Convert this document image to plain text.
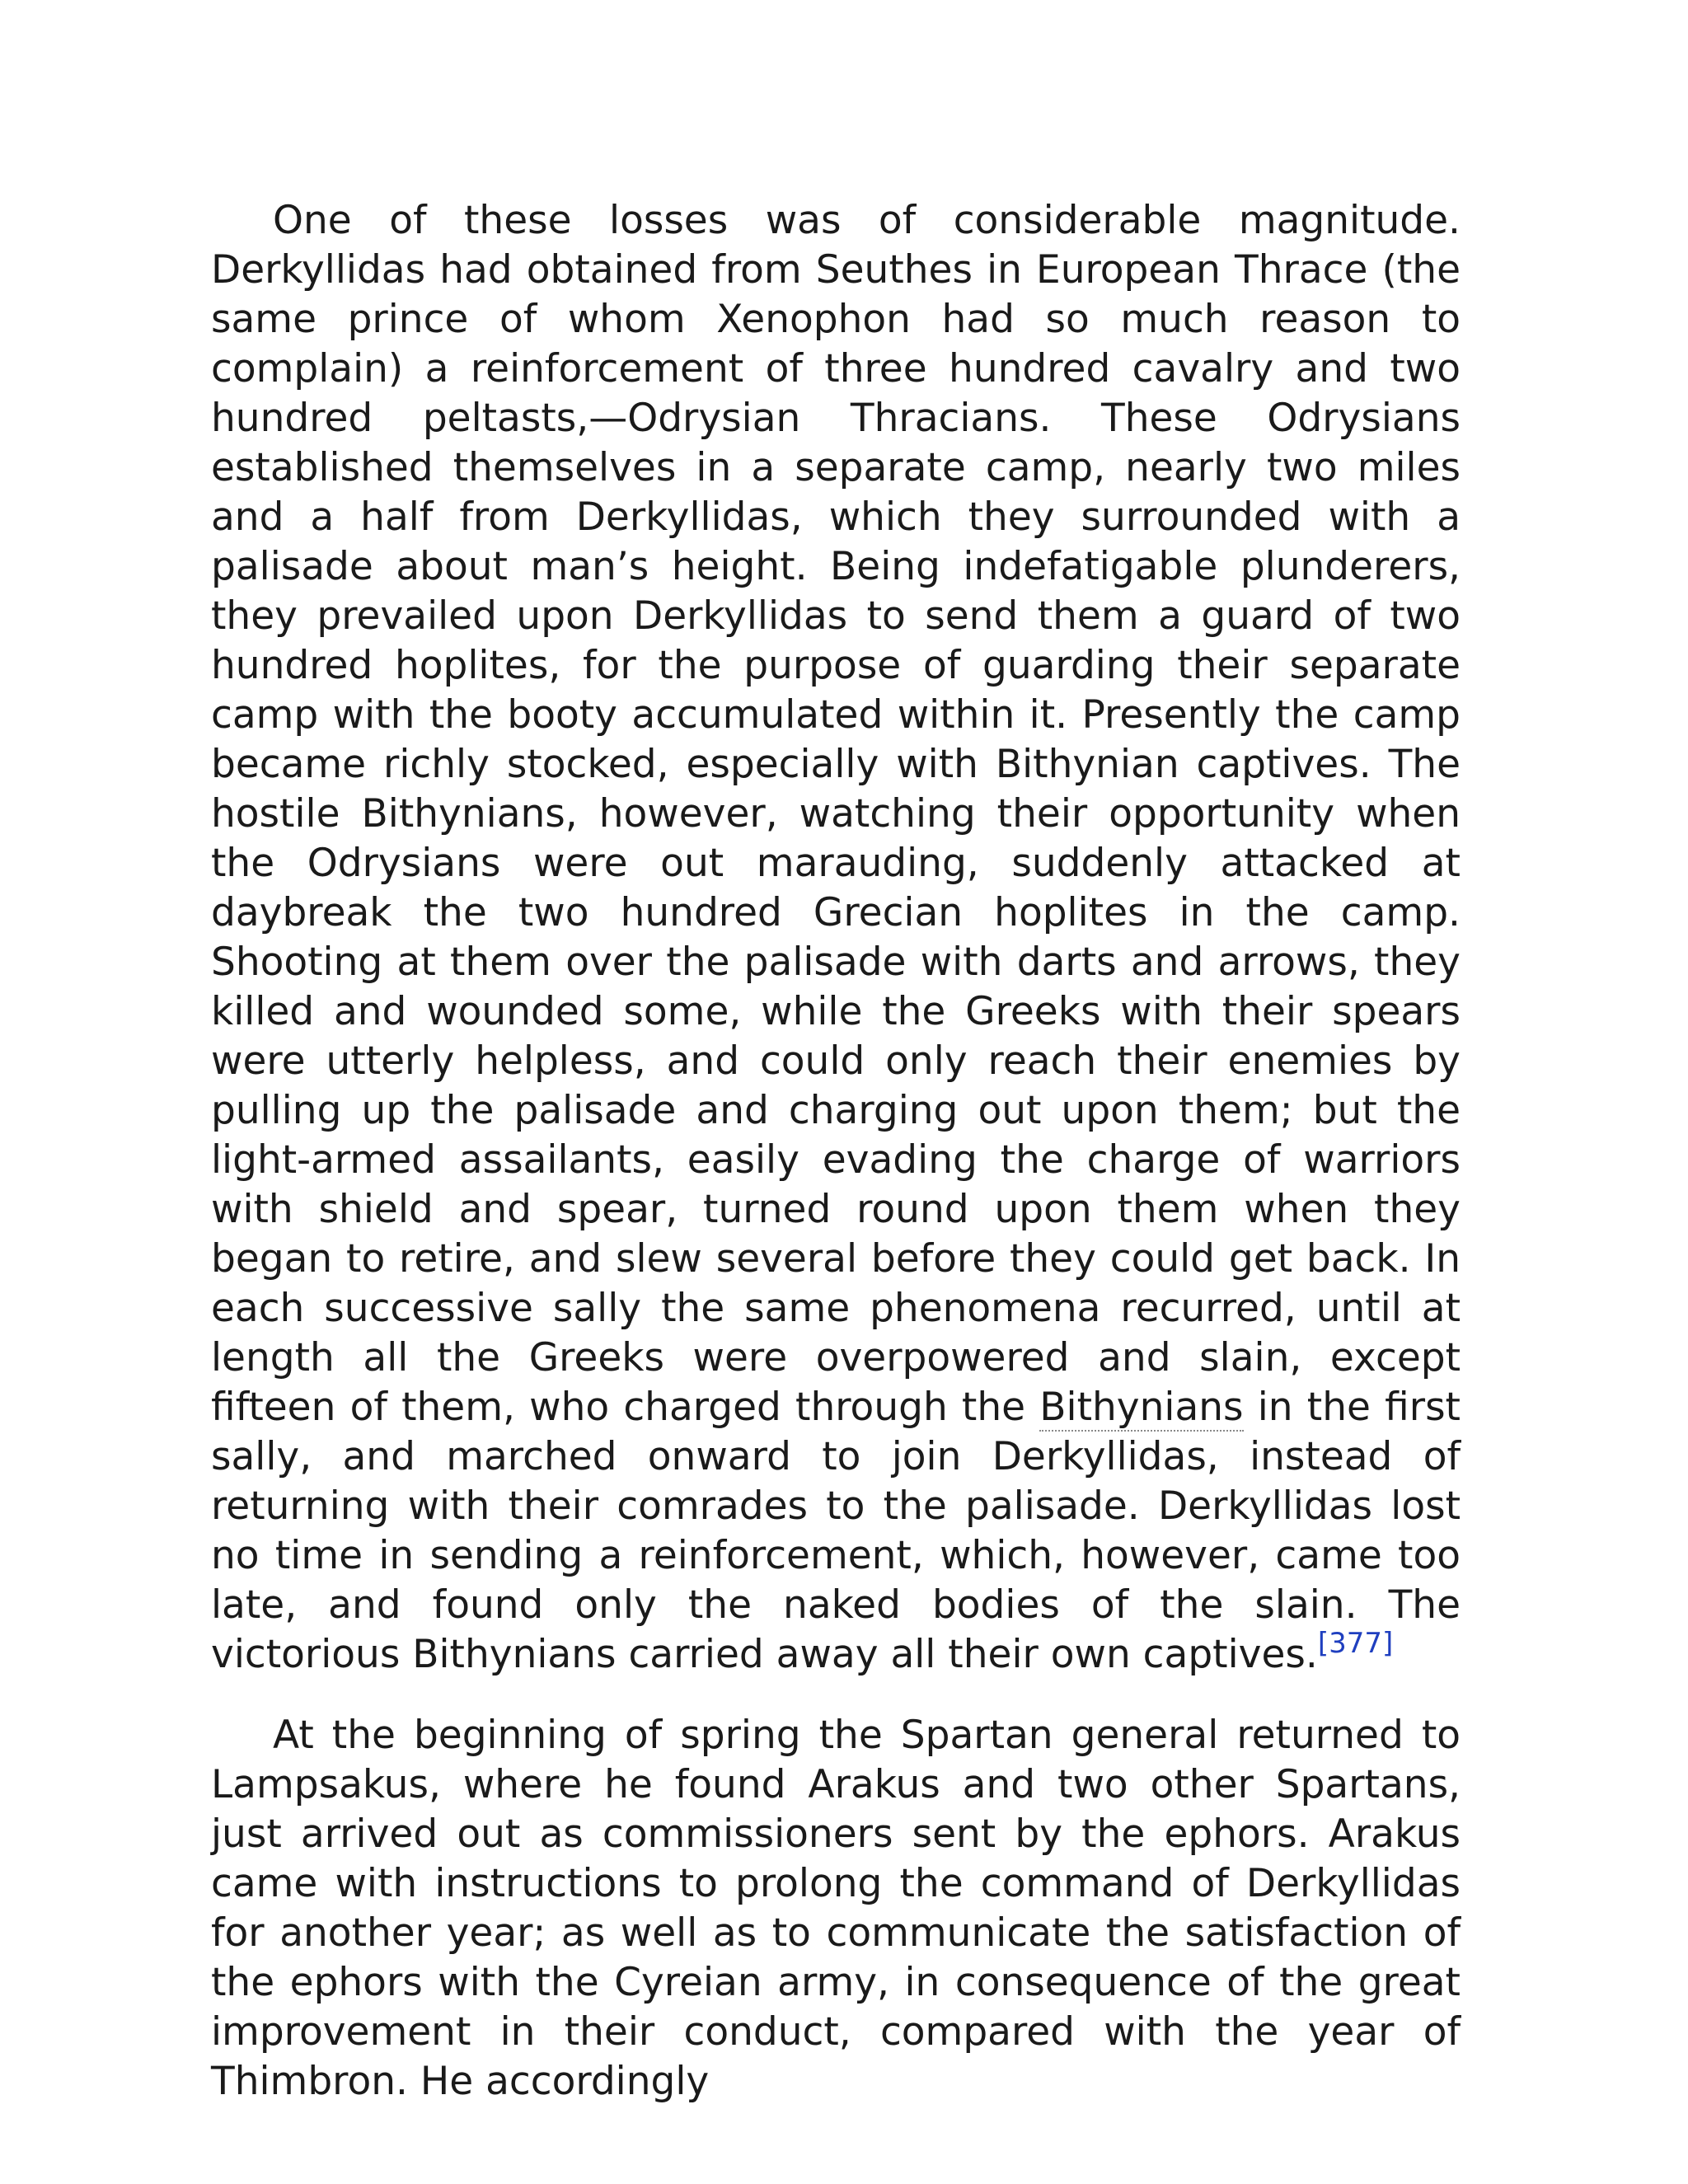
One of these losses was of considerable magnitude. Derkyllidas had obtained from Seuthes in European Thrace (the same prince of whom Xenophon had so much reason to complain) a reinforcement of three hundred cavalry and two hundred peltasts,—Odrysian Thracians. These Odrysians established themselves in a separate camp, nearly two miles and a half from Derkyllidas, which they surrounded with a palisade about man’s height. Being indefatigable plunderers, they prevailed upon Derkyllidas to send them a guard of two hundred hoplites, for the purpose of guarding their separate camp with the booty accumulated within it. Presently the camp became richly stocked, especially with Bithynian captives. The hostile Bithynians, however, watching their opportunity when the Odrysians were out marauding, suddenly attacked at daybreak the two hundred Grecian hoplites in the camp. Shooting at them over the palisade with darts and arrows, they killed and wounded some, while the Greeks with their spears were utterly helpless, and could only reach their enemies by pulling up the palisade and charging out upon them; but the light-armed assailants, easily evading the charge of warriors with shield and spear, turned round upon them when they began to retire, and slew several before they could get back. In each successive sally the same phenomena recurred, until at length all the Greeks were overpowered and slain, except fifteen of them, who charged through the Bithynians in the first sally, and marched onward to join Derkyllidas, instead of returning with their comrades to the palisade. Derkyllidas lost no time in sending a reinforcement, which, however, came too late, and found only the naked bodies of the slain. The victorious Bithynians carried away all their own captives.[377]

At the beginning of spring the Spartan general returned to Lampsakus, where he found Arakus and two other Spartans, just arrived out as commissioners sent by the ephors. Arakus came with instructions to prolong the command of Derkyllidas for another year; as well as to communicate the satisfaction of the ephors with the Cyreian army, in consequence of the great improvement in their conduct, compared with the year of Thimbron. He accordingly
